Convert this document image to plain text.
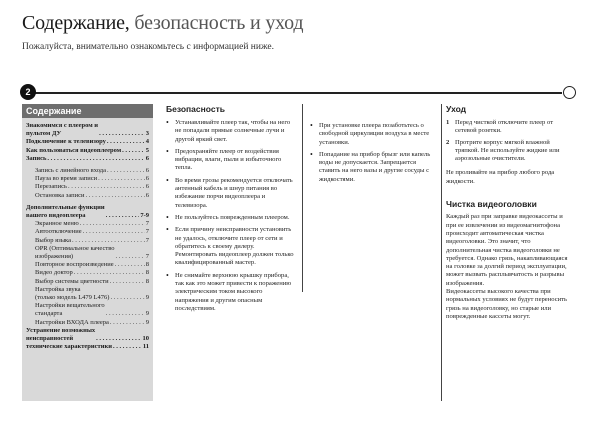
Содержание, безопасность и уход
Пожалуйста, внимательно ознакомьтесь с информацией ниже.
2
Содержание
Знакомимся с плеером и
пультом ДУ . . .	3
Подключение к телевизору . . .	4
Как пользоваться видеоплеером . . .	5
Запись . . .	6
Запись с линейного входа . . .	6
Пауза во время записи . . .	6
Перезапись . . .	6
Остановка записи . . .	6
Дополнительные функции
вашего видеоплеера . . .	7-9
Экранное меню . . .	7
Автоотключение . . .	7
Выбор языка . . .	7
OPR (Оптимальное качество
изображения) . . .	7
Повторное воспроизведение . . .	8
Видео доктор . . .	8
Выбор системы цветности . . .	8
Настройка звука
(только модель L479 L476) . . .	9
Настройки вещательного
стандарта . . .	9
Настройки ВХОДА плеера . . .	9
Устранение возможных
неисправностей . . .	10
технические характеристики . . .	11
Безопасность
• Устанавливайте плеер так, чтобы на него не попадали прямые солнечные лучи и другой яркий свет.
• Предохраняйте плеер от воздействия вибрации, влаги, пыли и избыточного тепла.
• Во время грозы рекомендуется отключать антенный кабель и шнур питания во избежание порчи видеоплеера и телевизора.
• Не пользуйтесь поврежденным плеером.
• Если причину неисправности установить не удалось, отключите плеер от сети и обратитесь к своему дилеру. Ремонтировать видеоплеер должен только квалифицированный мастер.
• Не снимайте верхнюю крышку прибора, так как это может привести к поражению электрическим током высокого напряжения и другим опасным последствиям.
• При установке плеера позаботьтесь о свободной циркуляции воздуха в месте установки.
• Попадание на прибор брызг или капель воды не допускается. Запрещается ставить на него вазы и другие сосуды с жидкостями.
Уход
1 Перед чисткой отключите плеер от сетевой розетки.
2 Протрите корпус мягкой влажной тряпкой. Не используйте жидкие или аэрозольные очистители.
Не проливайте на прибор любого рода жидкости.
Чистка видеоголовки
Каждый раз при заправке видеокассеты и при ее извлечении из видеомагнитофона происходит автоматическая чистка видеоголовки. Это значит, что дополнительная чистка видеоголовки не требуется. Однако грязь, накапливающаяся на головке за долгий период эксплуатации, может вызвать расплывчатость и разрывы изображения.
Видеокассеты высокого качества при нормальных условиях не будут переносить грязь на видеоголовку, но старые или поврежденные кассеты могут.
